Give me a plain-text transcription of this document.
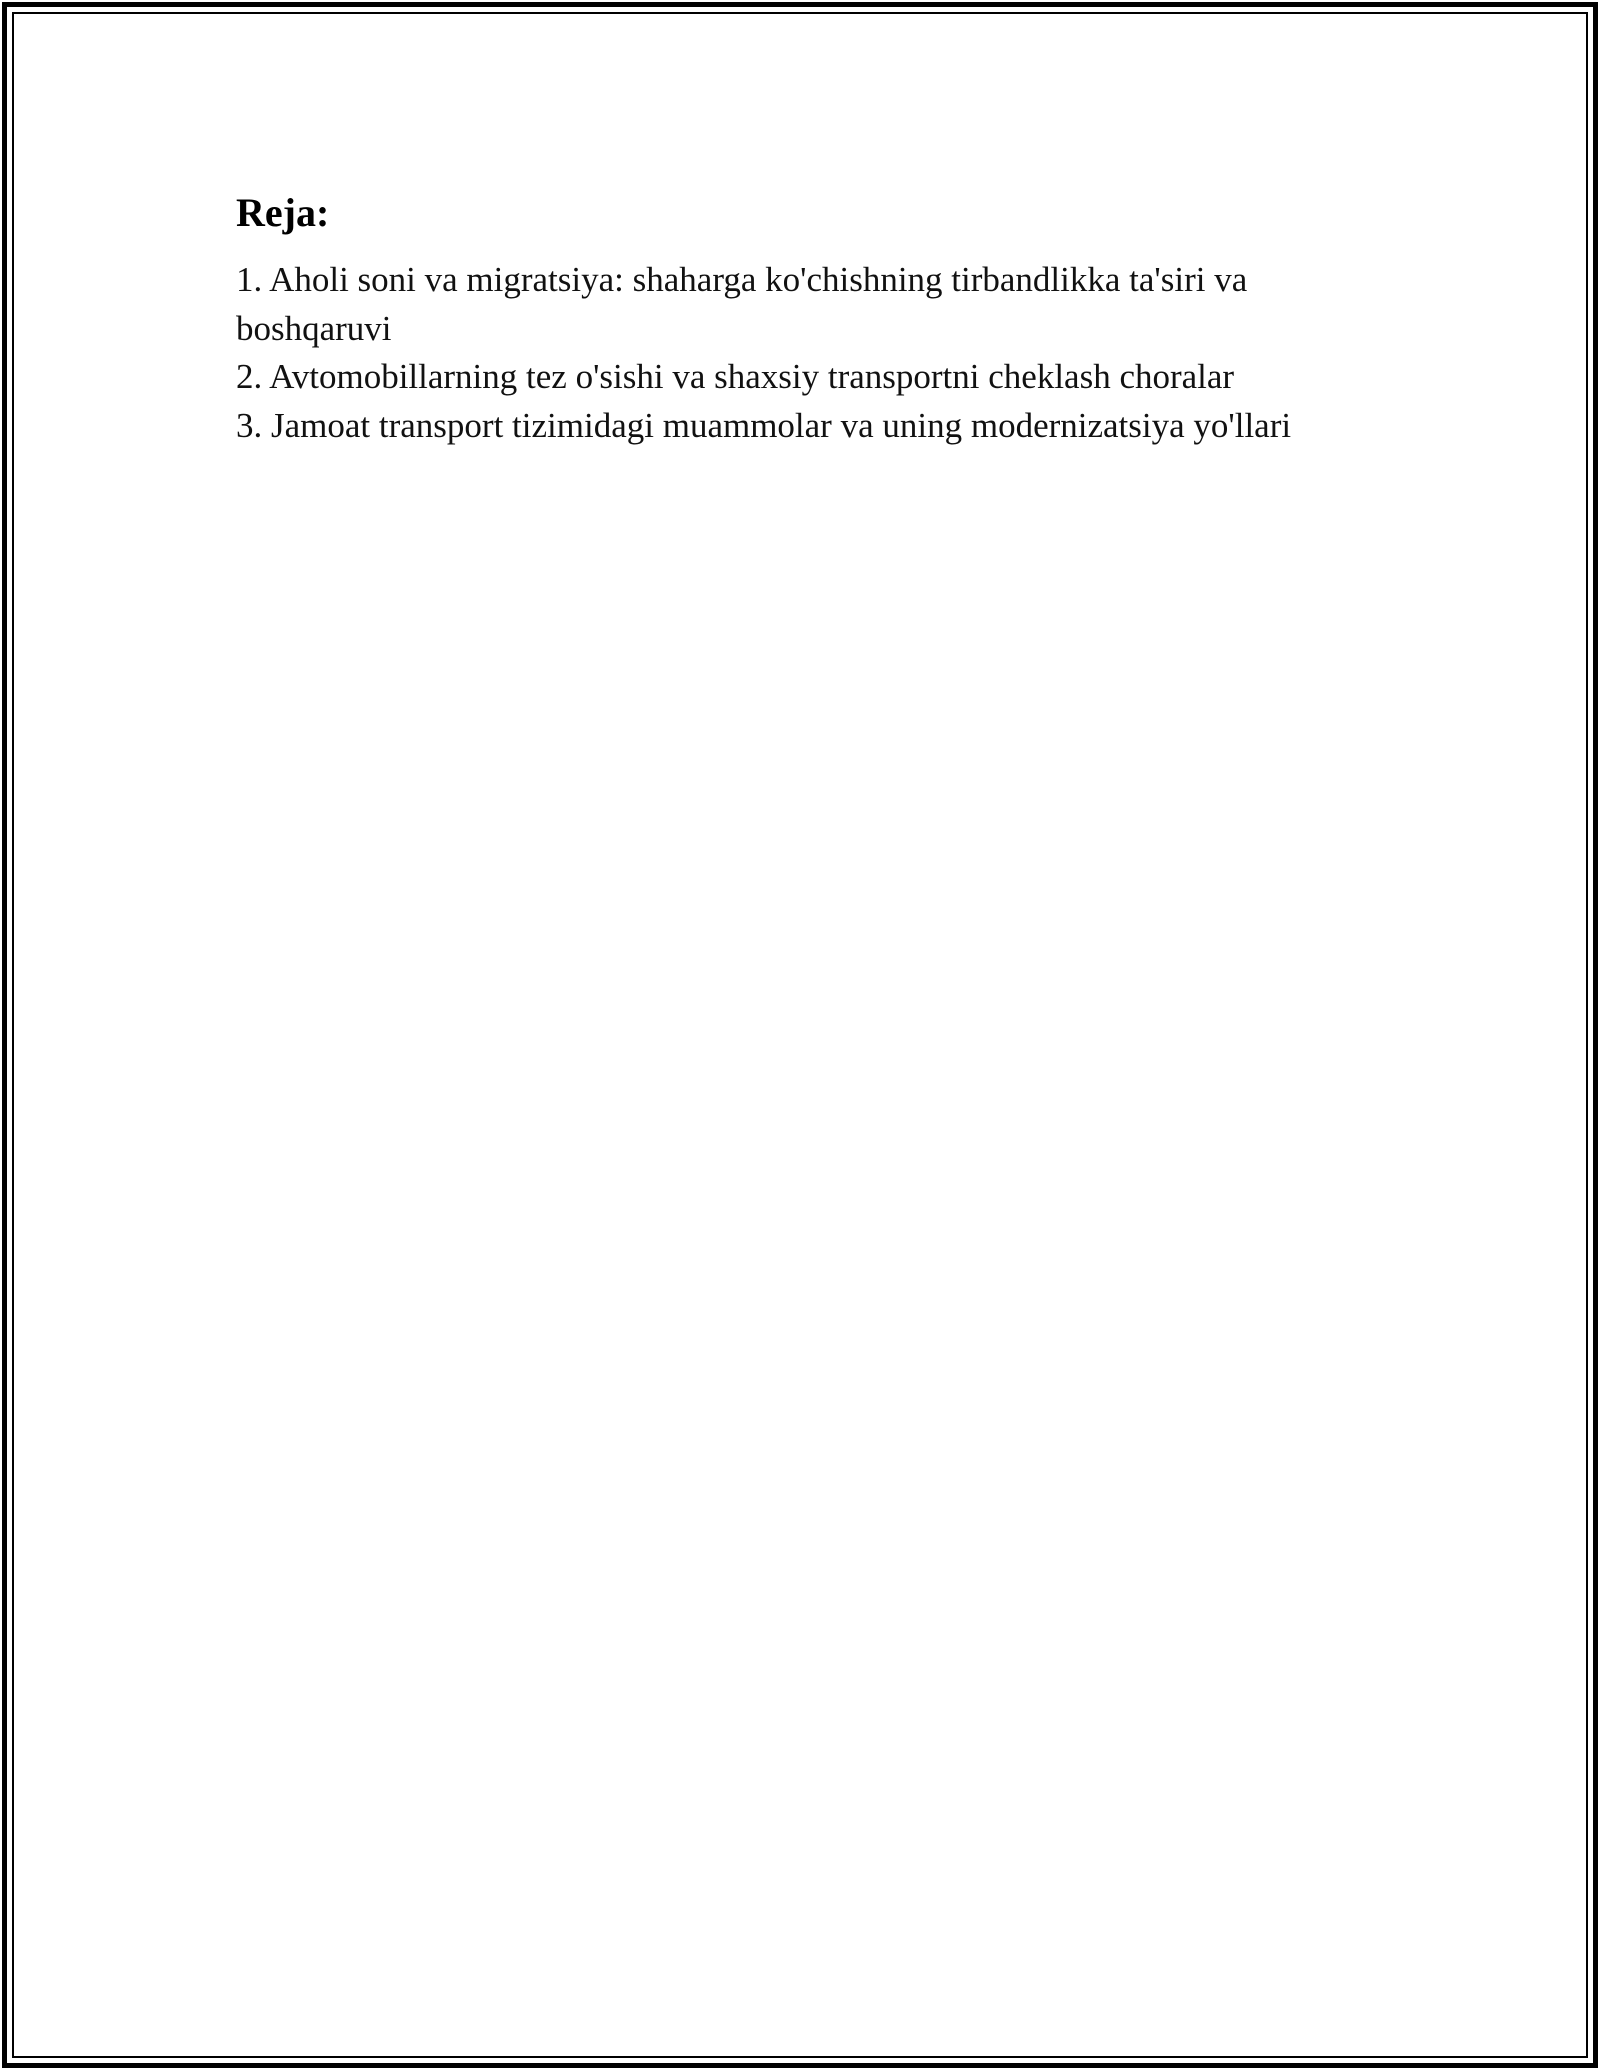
Reja:
1. Aholi soni va migratsiya: shaharga ko'chishning tirbandlikka ta'siri va boshqaruvi
2. Avtomobillarning tez o'sishi va shaxsiy transportni cheklash choralar
3. Jamoat transport tizimidagi muammolar va uning modernizatsiya yo'llari
